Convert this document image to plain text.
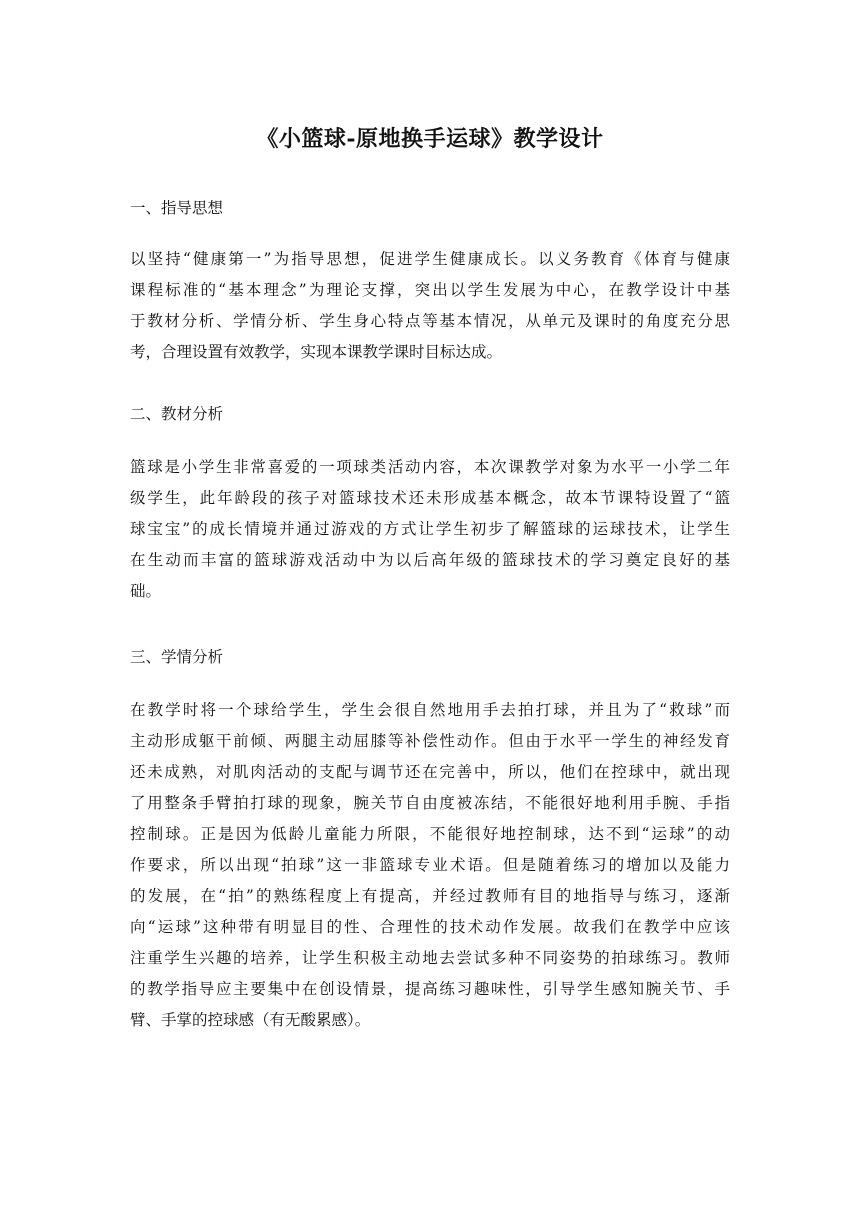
《小篮球-原地换手运球》教学设计
一、指导思想
以坚持“健康第一”为指导思想，促进学生健康成长。以义务教育《体育与健康
课程标准的“基本理念”为理论支撑，突出以学生发展为中心，在教学设计中基
于教材分析、学情分析、学生身心特点等基本情况，从单元及课时的角度充分思
考，合理设置有效教学，实现本课教学课时目标达成。
二、教材分析
篮球是小学生非常喜爱的一项球类活动内容，本次课教学对象为水平一小学二年
级学生，此年龄段的孩子对篮球技术还未形成基本概念，故本节课特设置了“篮
球宝宝”的成长情境并通过游戏的方式让学生初步了解篮球的运球技术，让学生
在生动而丰富的篮球游戏活动中为以后高年级的篮球技术的学习奠定良好的基
础。
三、学情分析
在教学时将一个球给学生，学生会很自然地用手去拍打球，并且为了“救球”而
主动形成躯干前倾、两腿主动屈膝等补偿性动作。但由于水平一学生的神经发育
还未成熟，对肌肉活动的支配与调节还在完善中，所以，他们在控球中，就出现
了用整条手臂拍打球的现象，腕关节自由度被冻结，不能很好地利用手腕、手指
控制球。正是因为低龄儿童能力所限，不能很好地控制球，达不到“运球”的动
作要求，所以出现“拍球”这一非篮球专业术语。但是随着练习的增加以及能力
的发展，在“拍”的熟练程度上有提高，并经过教师有目的地指导与练习，逐渐
向“运球”这种带有明显目的性、合理性的技术动作发展。故我们在教学中应该
注重学生兴趣的培养，让学生积极主动地去尝试多种不同姿势的拍球练习。教师
的教学指导应主要集中在创设情景，提高练习趣味性，引导学生感知腕关节、手
臂、手掌的控球感（有无酸累感）。
